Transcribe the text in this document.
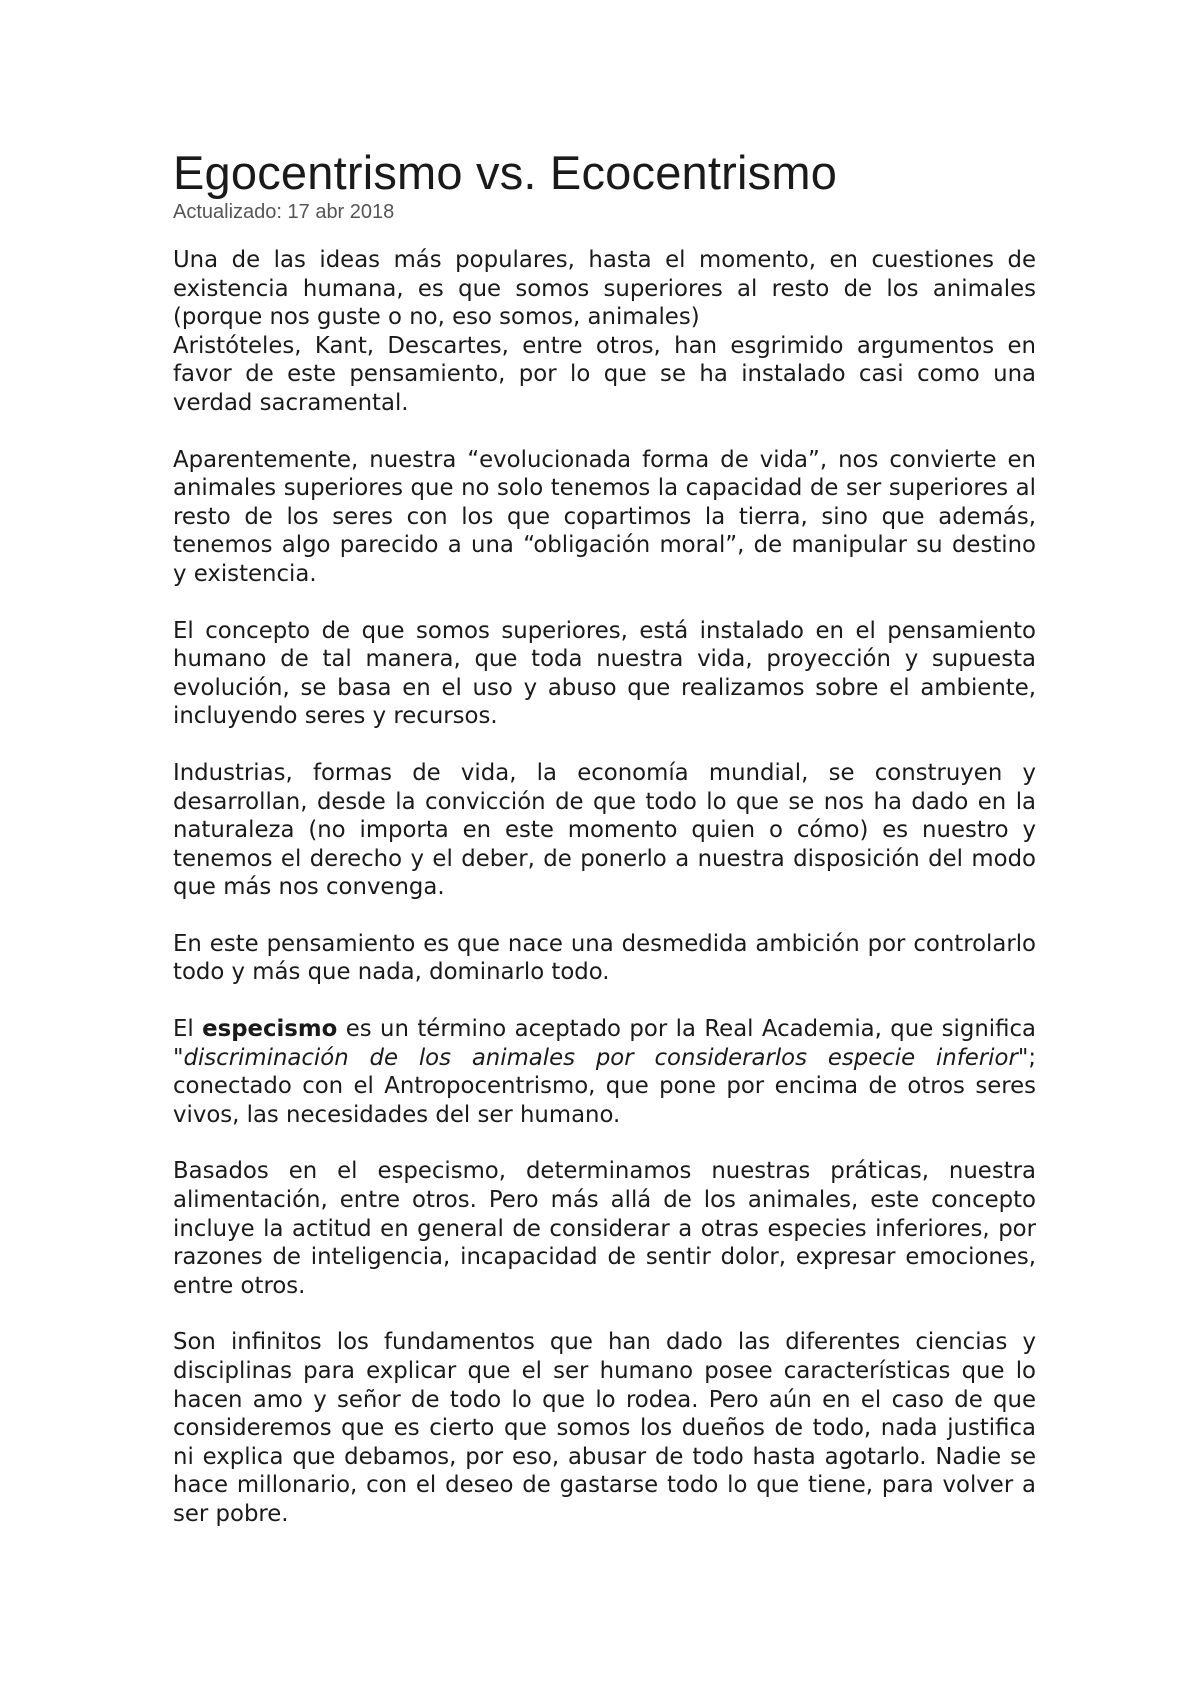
Egocentrismo vs. Ecocentrismo

Actualizado: 17 abr 2018

Una de las ideas más populares, hasta el momento, en cuestiones de existencia humana, es que somos superiores al resto de los animales (porque nos guste o no, eso somos, animales)
Aristóteles, Kant, Descartes, entre otros, han esgrimido argumentos en favor de este pensamiento, por lo que se ha instalado casi como una verdad sacramental.

Aparentemente, nuestra “evolucionada forma de vida”, nos convierte en animales superiores que no solo tenemos la capacidad de ser superiores al resto de los seres con los que copartimos la tierra, sino que además, tenemos algo parecido a una “obligación moral”, de manipular su destino y existencia.

El concepto de que somos superiores, está instalado en el pensamiento humano de tal manera, que toda nuestra vida, proyección y supuesta evolución, se basa en el uso y abuso que realizamos sobre el ambiente, incluyendo seres y recursos.

Industrias, formas de vida, la economía mundial, se construyen y desarrollan, desde la convicción de que todo lo que se nos ha dado en la naturaleza (no importa en este momento quien o cómo) es nuestro y tenemos el derecho y el deber, de ponerlo a nuestra disposición del modo que más nos convenga.

En este pensamiento es que nace una desmedida ambición por controlarlo todo y más que nada, dominarlo todo.

El especismo es un término aceptado por la Real Academia, que significa "discriminación de los animales por considerarlos especie inferior"; conectado con el Antropocentrismo, que pone por encima de otros seres vivos, las necesidades del ser humano.

Basados en el especismo, determinamos nuestras práticas, nuestra alimentación, entre otros. Pero más allá de los animales, este concepto incluye la actitud en general de considerar a otras especies inferiores, por razones de inteligencia, incapacidad de sentir dolor, expresar emociones, entre otros.

Son infinitos los fundamentos que han dado las diferentes ciencias y disciplinas para explicar que el ser humano posee características que lo hacen amo y señor de todo lo que lo rodea. Pero aún en el caso de que consideremos que es cierto que somos los dueños de todo, nada justifica ni explica que debamos, por eso, abusar de todo hasta agotarlo. Nadie se hace millonario, con el deseo de gastarse todo lo que tiene, para volver a ser pobre.
